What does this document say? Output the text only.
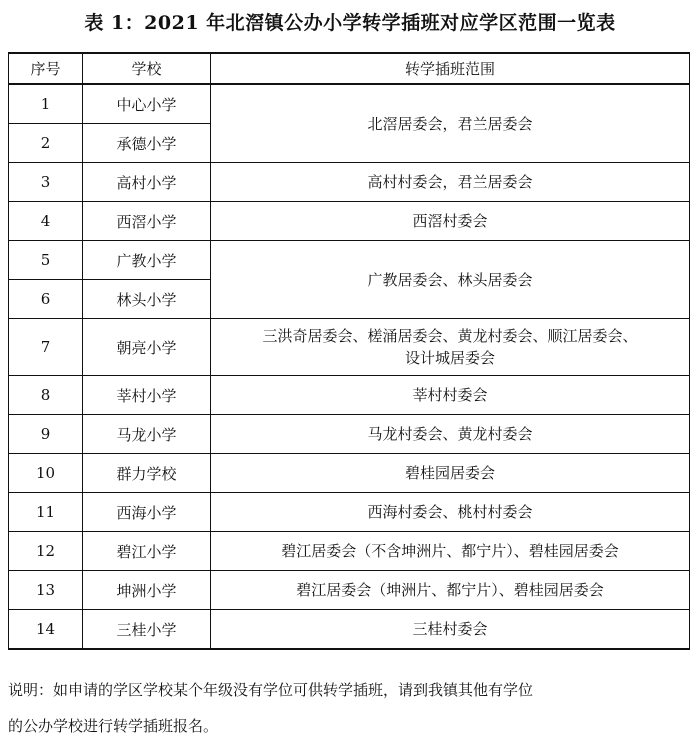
表 1：2021 年北滘镇公办小学转学插班对应学区范围一览表
序号	学校	转学插班范围
1	中心小学	北滘居委会，君兰居委会
2	承德小学	
3	高村小学	高村村委会，君兰居委会
4	西滘小学	西滘村委会
5	广教小学	广教居委会、林头居委会
6	林头小学	
7	朝亮小学	三洪奇居委会、槎涌居委会、黄龙村委会、顺江居委会、
设计城居委会

8	莘村小学	莘村村委会
9	马龙小学	马龙村委会、黄龙村委会
10	群力学校	碧桂园居委会
11	西海小学	西海村委会、桃村村委会
12	碧江小学	碧江居委会（不含坤洲片、都宁片）、碧桂园居委会
13	坤洲小学	碧江居委会（坤洲片、都宁片）、碧桂园居委会
14	三桂小学	三桂村委会
说明：如申请的学区学校某个年级没有学位可供转学插班，请到我镇其他有学位
的公办学校进行转学插班报名。
